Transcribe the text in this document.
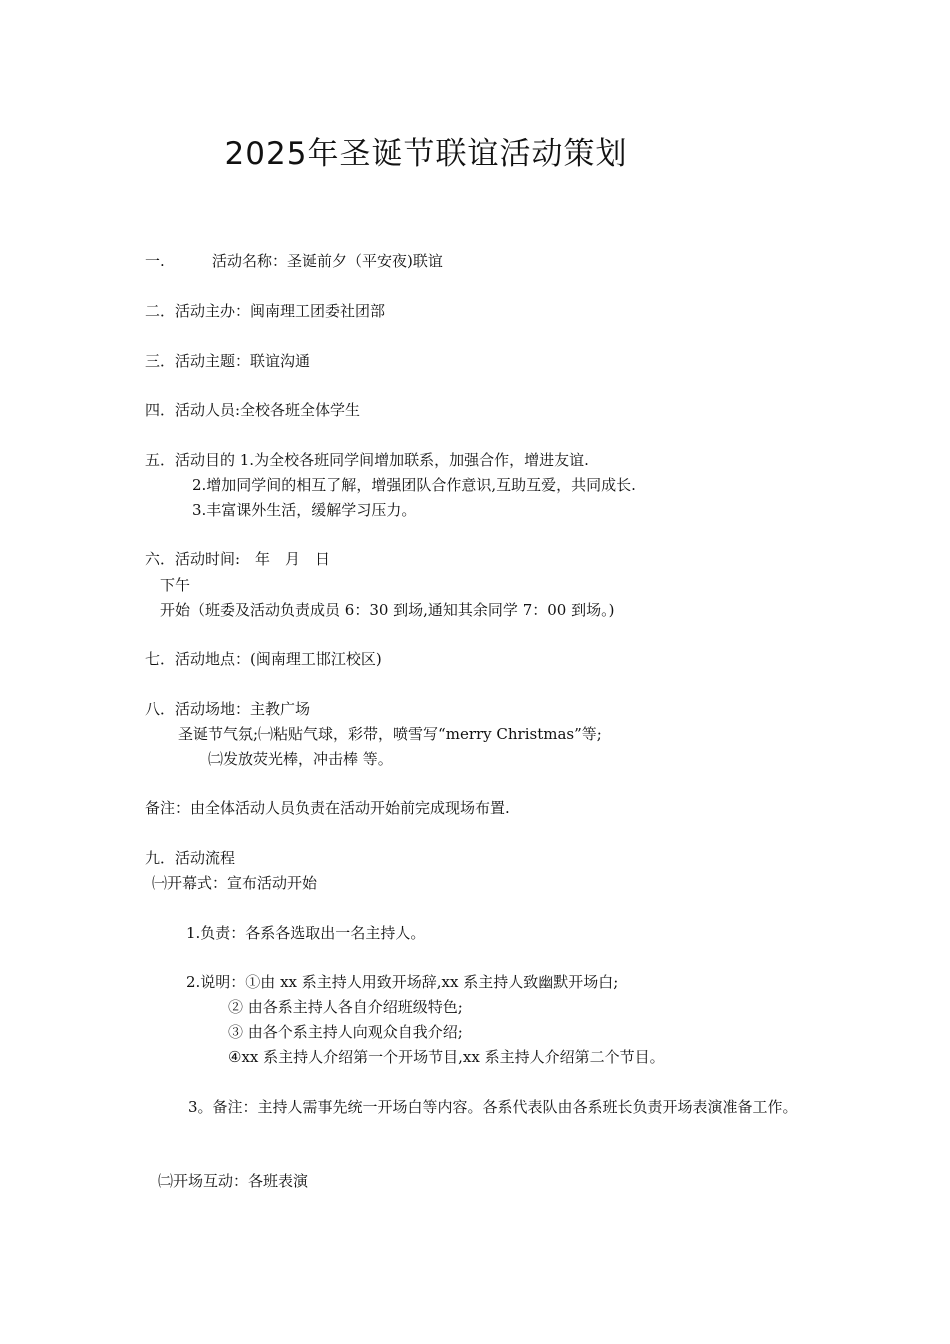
2025年圣诞节联谊活动策划
一.	活动名称：圣诞前夕（平安夜)联谊
二．活动主办：闽南理工团委社团部
三．活动主题：联谊沟通
四．活动人员:全校各班全体学生
五．活动目的 1.为全校各班同学间增加联系，加强合作，增进友谊.
2.增加同学间的相互了解，增强团队合作意识,互助互爱，共同成长.
3.丰富课外生活，缓解学习压力。
六．活动时间:　年　月　日
下午
开始（班委及活动负责成员 6：30 到场,通知其余同学 7：00 到场。)
七．活动地点：(闽南理工邯江校区)
八．活动场地：主教广场
圣诞节气氛;㈠粘贴气球，彩带，喷雪写“merry Christmas”等;
㈡发放荧光棒，冲击棒 等。
备注：由全体活动人员负责在活动开始前完成现场布置.
九．活动流程
㈠开幕式：宣布活动开始
1.负责：各系各选取出一名主持人。
2.说明：①由 xx 系主持人用致开场辞,xx 系主持人致幽默开场白;
② 由各系主持人各自介绍班级特色;
③ 由各个系主持人向观众自我介绍;
④xx 系主持人介绍第一个开场节目,xx 系主持人介绍第二个节目。
3。备注：主持人需事先统一开场白等内容。各系代表队由各系班长负责开场表演准备工作。
㈡开场互动：各班表演
